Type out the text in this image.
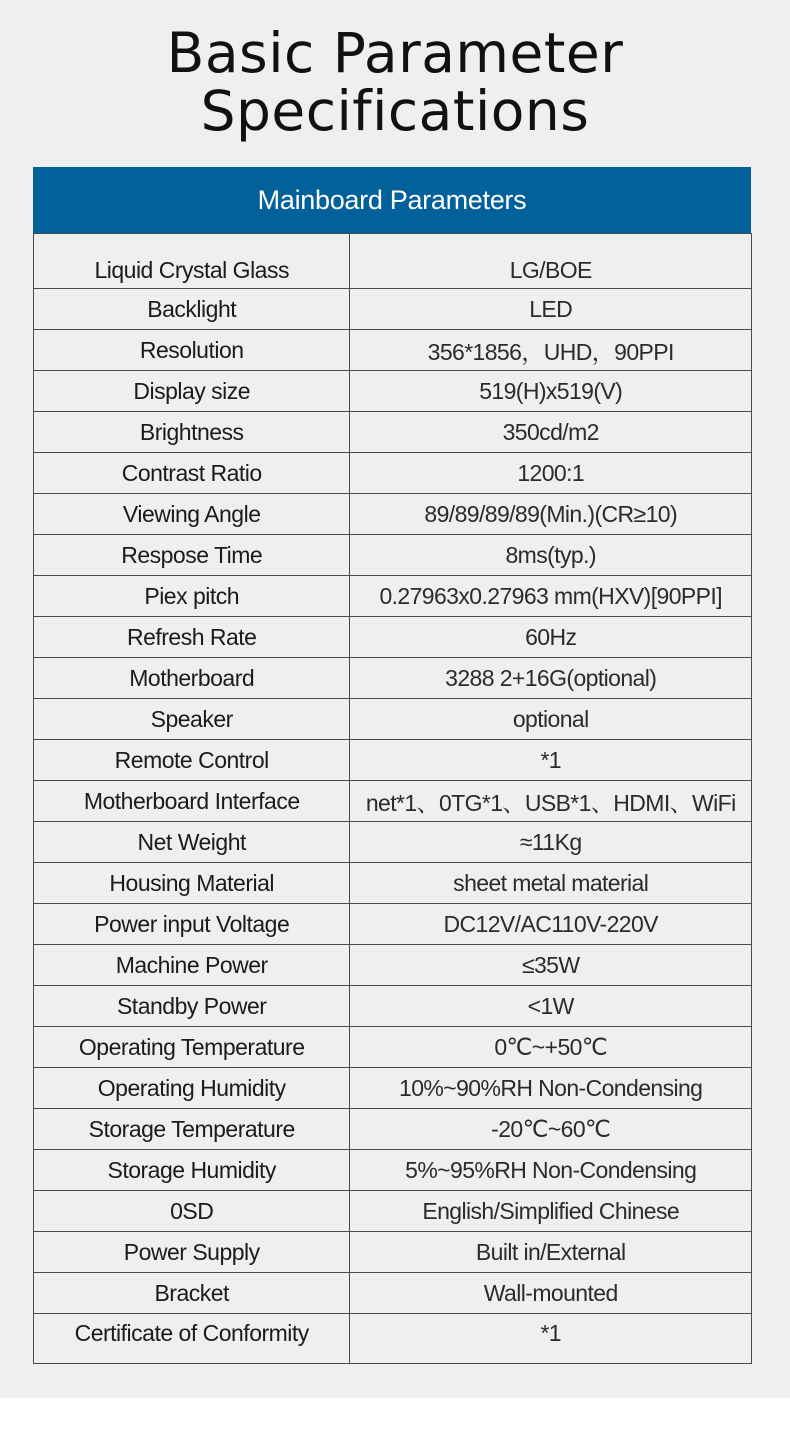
Basic Parameter
Specifications
Mainboard Parameters
Liquid Crystal Glass	LG/BOE
Backlight	LED
Resolution	356*1856，UHD，90PPI
Display size	519(H)x519(V)
Brightness	350cd/m2
Contrast Ratio	1200:1
Viewing Angle	89/89/89/89(Min.)(CR≥10)
Respose Time	8ms(typ.)
Piex pitch	0.27963x0.27963 mm(HXV)[90PPI]
Refresh Rate	60Hz
Motherboard	3288 2+16G(optional)
Speaker	optional
Remote Control	*1
Motherboard Interface	net*1、0TG*1、USB*1、HDMI、WiFi
Net Weight	≈11Kg
Housing Material	sheet metal material
Power input Voltage	DC12V/AC110V-220V
Machine Power	≤35W
Standby Power	<1W
Operating Temperature	0℃~+50℃
Operating Humidity	10%~90%RH Non-Condensing
Storage Temperature	-20℃~60℃
Storage Humidity	5%~95%RH Non-Condensing
0SD	English/Simplified Chinese
Power Supply	Built in/External
Bracket	Wall-mounted
Certificate of Conformity	*1
